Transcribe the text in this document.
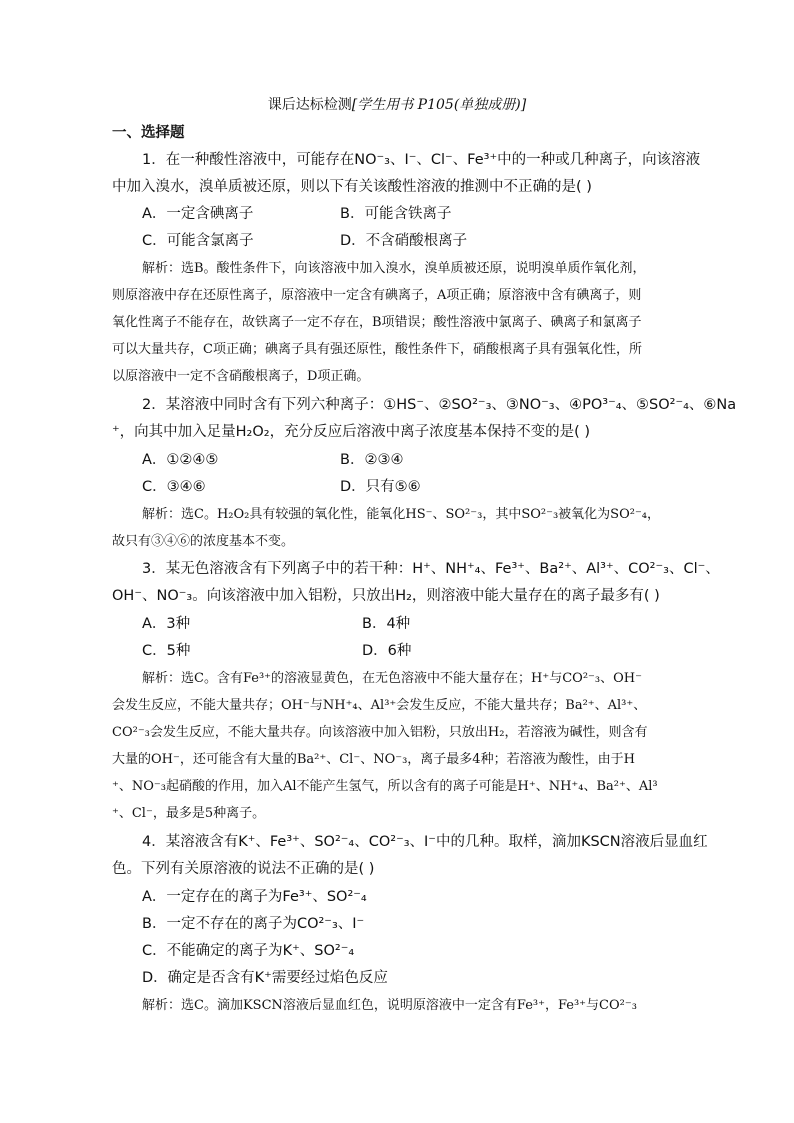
课后达标检测[学生用书 P105(单独成册)]
一、选择题
1．在一种酸性溶液中，可能存在NO⁻₃、I⁻、Cl⁻、Fe³⁺中的一种或几种离子，向该溶液
中加入溴水，溴单质被还原，则以下有关该酸性溶液的推测中不正确的是( )
A．一定含碘离子	B．可能含铁离子
C．可能含氯离子	D．不含硝酸根离子
解析：选B。酸性条件下，向该溶液中加入溴水，溴单质被还原，说明溴单质作氧化剂，
则原溶液中存在还原性离子，原溶液中一定含有碘离子，A项正确；原溶液中含有碘离子，则
氧化性离子不能存在，故铁离子一定不存在，B项错误；酸性溶液中氯离子、碘离子和氯离子
可以大量共存，C项正确；碘离子具有强还原性，酸性条件下，硝酸根离子具有强氧化性，所
以原溶液中一定不含硝酸根离子，D项正确。
2．某溶液中同时含有下列六种离子：①HS⁻、②SO²⁻₃、③NO⁻₃、④PO³⁻₄、⑤SO²⁻₄、⑥Na
⁺，向其中加入足量H₂O₂，充分反应后溶液中离子浓度基本保持不变的是( )
A．①②④⑤	B．②③④
C．③④⑥	D．只有⑤⑥
解析：选C。H₂O₂具有较强的氧化性，能氧化HS⁻、SO²⁻₃，其中SO²⁻₃被氧化为SO²⁻₄，
故只有③④⑥的浓度基本不变。
3．某无色溶液含有下列离子中的若干种：H⁺、NH⁺₄、Fe³⁺、Ba²⁺、Al³⁺、CO²⁻₃、Cl⁻、
OH⁻、NO⁻₃。向该溶液中加入铝粉，只放出H₂，则溶液中能大量存在的离子最多有( )
A．3种	B．4种
C．5种	D．6种
解析：选C。含有Fe³⁺的溶液显黄色，在无色溶液中不能大量存在；H⁺与CO²⁻₃、OH⁻
会发生反应，不能大量共存；OH⁻与NH⁺₄、Al³⁺会发生反应，不能大量共存；Ba²⁺、Al³⁺、
CO²⁻₃会发生反应，不能大量共存。向该溶液中加入铝粉，只放出H₂，若溶液为碱性，则含有
大量的OH⁻，还可能含有大量的Ba²⁺、Cl⁻、NO⁻₃，离子最多4种；若溶液为酸性，由于H
⁺、NO⁻₃起硝酸的作用，加入Al不能产生氢气，所以含有的离子可能是H⁺、NH⁺₄、Ba²⁺、Al³
⁺、Cl⁻，最多是5种离子。
4．某溶液含有K⁺、Fe³⁺、SO²⁻₄、CO²⁻₃、I⁻中的几种。取样，滴加KSCN溶液后显血红
色。下列有关原溶液的说法不正确的是( )
A．一定存在的离子为Fe³⁺、SO²⁻₄
B．一定不存在的离子为CO²⁻₃、I⁻
C．不能确定的离子为K⁺、SO²⁻₄
D．确定是否含有K⁺需要经过焰色反应
解析：选C。滴加KSCN溶液后显血红色，说明原溶液中一定含有Fe³⁺，Fe³⁺与CO²⁻₃
